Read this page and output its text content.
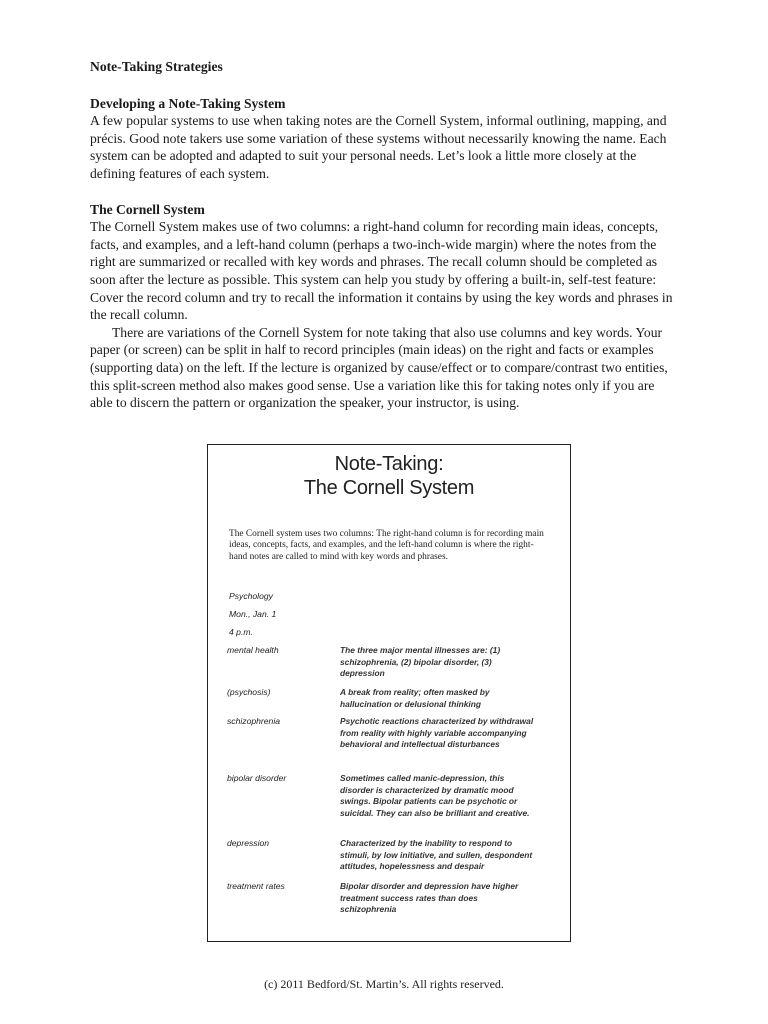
Note-Taking Strategies

Developing a Note-Taking System

A few popular systems to use when taking notes are the Cornell System, informal outlining, mapping, and précis. Good note takers use some variation of these systems without necessarily knowing the name. Each system can be adopted and adapted to suit your personal needs. Let’s look a little more closely at the defining features of each system.

The Cornell System

The Cornell System makes use of two columns: a right-hand column for recording main ideas, concepts, facts, and examples, and a left-hand column (perhaps a two-inch-wide margin) where the notes from the right are summarized or recalled with key words and phrases. The recall column should be completed as soon after the lecture as possible. This system can help you study by offering a built-in, self-test feature: Cover the record column and try to recall the information it contains by using the key words and phrases in the recall column.

There are variations of the Cornell System for note taking that also use columns and key words. Your paper (or screen) can be split in half to record principles (main ideas) on the right and facts or examples (supporting data) on the left. If the lecture is organized by cause/effect or to compare/contrast two entities, this split-screen method also makes good sense. Use a variation like this for taking notes only if you are able to discern the pattern or organization the speaker, your instructor, is using.

Note-Taking:
The Cornell System
The Cornell system uses two columns: The right-hand column is for recording main ideas, concepts, facts, and examples, and the left-hand column is where the right-hand notes are called to mind with key words and phrases.
Psychology
Mon., Jan. 1
4 p.m.
mental health	The three major mental illnesses are: (1) schizophrenia, (2) bipolar disorder, (3) depression
(psychosis)	A break from reality; often masked by hallucination or delusional thinking
schizophrenia	Psychotic reactions characterized by withdrawal from reality with highly variable accompanying behavioral and intellectual disturbances
bipolar disorder	Sometimes called manic-depression, this disorder is characterized by dramatic mood swings. Bipolar patients can be psychotic or suicidal. They can also be brilliant and creative.
depression	Characterized by the inability to respond to stimuli, by low initiative, and sullen, despondent attitudes, hopelessness and despair
treatment rates	Bipolar disorder and depression have higher treatment success rates than does schizophrenia
(c) 2011 Bedford/St. Martin’s. All rights reserved.
